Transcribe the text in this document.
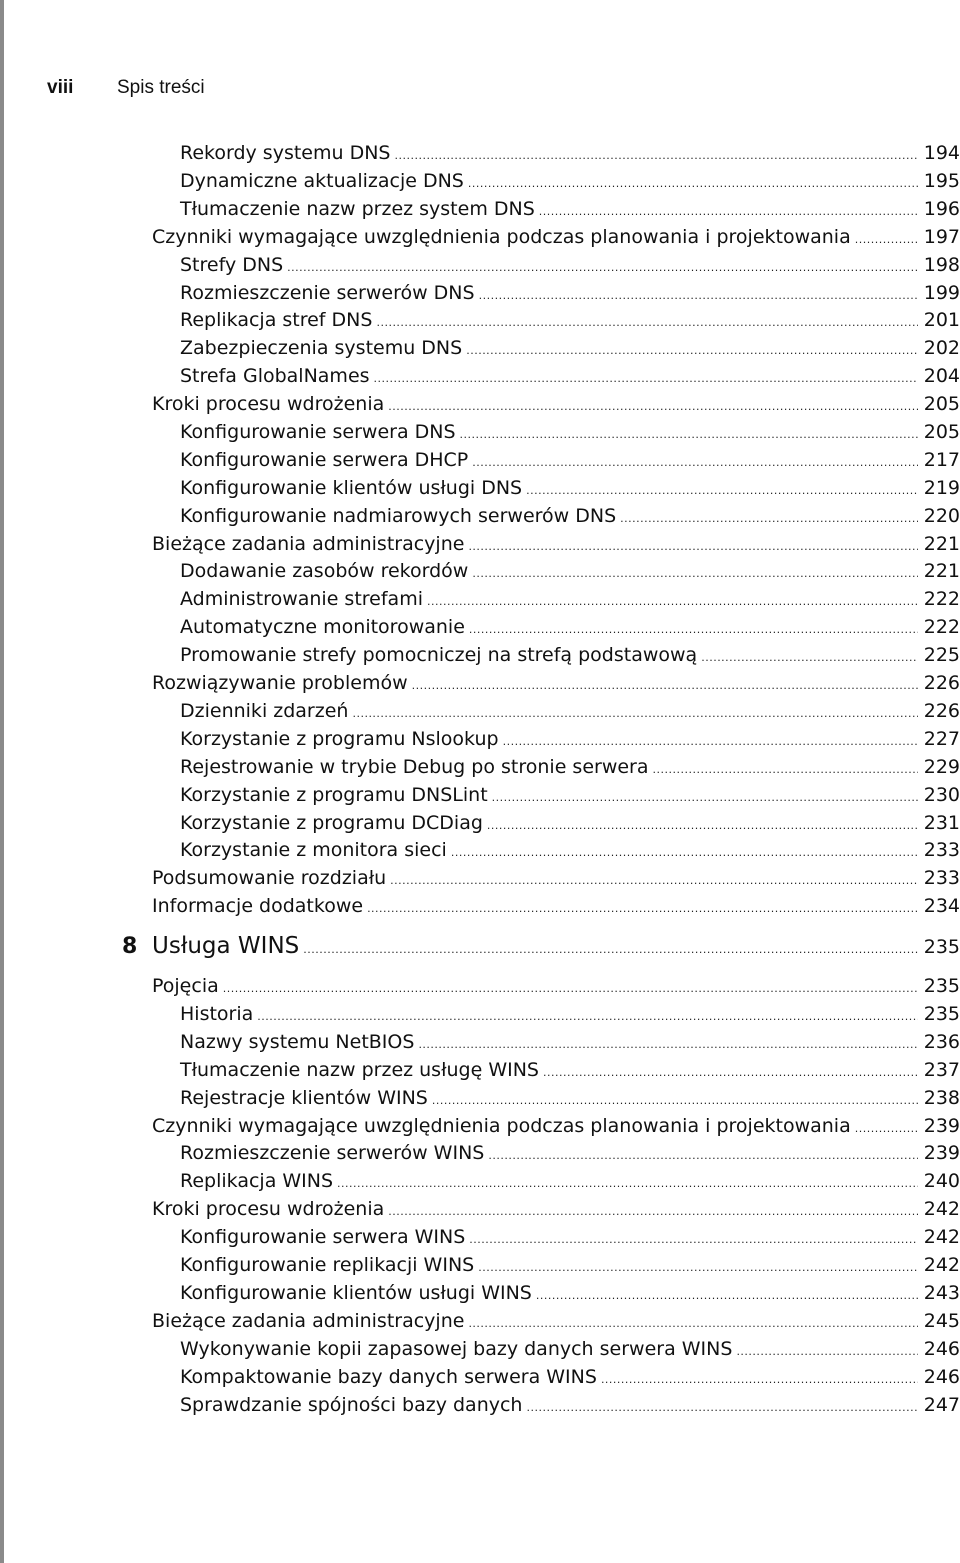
viii	Spis treści
Rekordy systemu DNS .....	194
Dynamiczne aktualizacje DNS .....	195
Tłumaczenie nazw przez system DNS .....	196
Czynniki wymagające uwzględnienia podczas planowania i projektowania .....	197
Strefy DNS .....	198
Rozmieszczenie serwerów DNS .....	199
Replikacja stref DNS .....	201
Zabezpieczenia systemu DNS .....	202
Strefa GlobalNames .....	204
Kroki procesu wdrożenia .....	205
Konfigurowanie serwera DNS .....	205
Konfigurowanie serwera DHCP .....	217
Konfigurowanie klientów usługi DNS .....	219
Konfigurowanie nadmiarowych serwerów DNS .....	220
Bieżące zadania administracyjne .....	221
Dodawanie zasobów rekordów .....	221
Administrowanie strefami .....	222
Automatyczne monitorowanie .....	222
Promowanie strefy pomocniczej na strefą podstawową .....	225
Rozwiązywanie problemów .....	226
Dzienniki zdarzeń .....	226
Korzystanie z programu Nslookup .....	227
Rejestrowanie w trybie Debug po stronie serwera .....	229
Korzystanie z programu DNSLint .....	230
Korzystanie z programu DCDiag .....	231
Korzystanie z monitora sieci .....	233
Podsumowanie rozdziału .....	233
Informacje dodatkowe .....	234
8 Usługa WINS .....	235
Pojęcia .....	235
Historia .....	235
Nazwy systemu NetBIOS .....	236
Tłumaczenie nazw przez usługę WINS .....	237
Rejestracje klientów WINS .....	238
Czynniki wymagające uwzględnienia podczas planowania i projektowania .....	239
Rozmieszczenie serwerów WINS .....	239
Replikacja WINS .....	240
Kroki procesu wdrożenia .....	242
Konfigurowanie serwera WINS .....	242
Konfigurowanie replikacji WINS .....	242
Konfigurowanie klientów usługi WINS .....	243
Bieżące zadania administracyjne .....	245
Wykonywanie kopii zapasowej bazy danych serwera WINS .....	246
Kompaktowanie bazy danych serwera WINS .....	246
Sprawdzanie spójności bazy danych .....	247
